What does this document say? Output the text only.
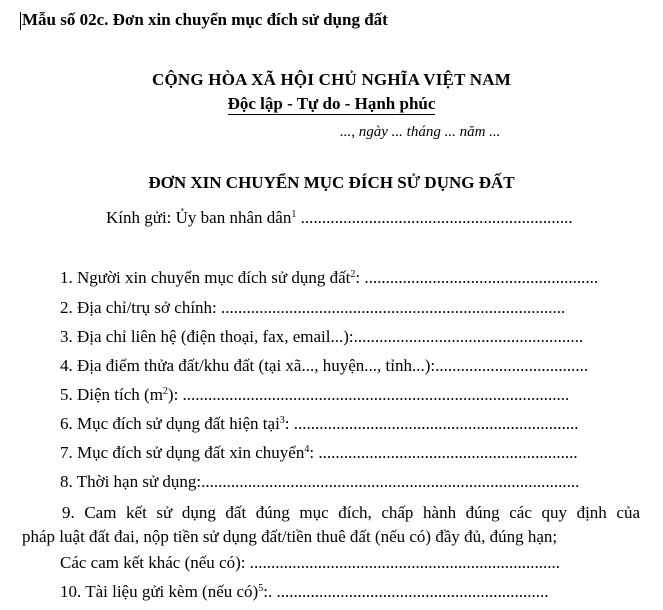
Mẫu số 02c. Đơn xin chuyển mục đích sử dụng đất
CỘNG HÒA XÃ HỘI CHỦ NGHĨA VIỆT NAM
Độc lập - Tự do - Hạnh phúc
..., ngày ... tháng ... năm ...
ĐƠN XIN CHUYỂN MỤC ĐÍCH SỬ DỤNG ĐẤT
Kính gửi: Ủy ban nhân dân$^1$ ................................................................
1. Người xin chuyển mục đích sử dụng đất$^2$: .......................................................
2. Địa chỉ/trụ sở chính: .................................................................................
3. Địa chỉ liên hệ (điện thoại, fax, email...):......................................................
4. Địa điểm thửa đất/khu đất (tại xã..., huyện..., tỉnh...):....................................
5. Diện tích $(m^2)$: ...........................................................................................
6. Mục đích sử dụng đất hiện tại$^3$: ...................................................................
7. Mục đích sử dụng đất xin chuyển$^4$: .............................................................
8. Thời hạn sử dụng:.........................................................................................
9. Cam kết sử dụng đất đúng mục đích, chấp hành đúng các quy định của
pháp luật đất đai, nộp tiền sử dụng đất/tiền thuê đất (nếu có) đầy đủ, đúng hạn;
Các cam kết khác (nếu có): .........................................................................
10. Tài liệu gửi kèm (nếu có)$^5$:. ................................................................
